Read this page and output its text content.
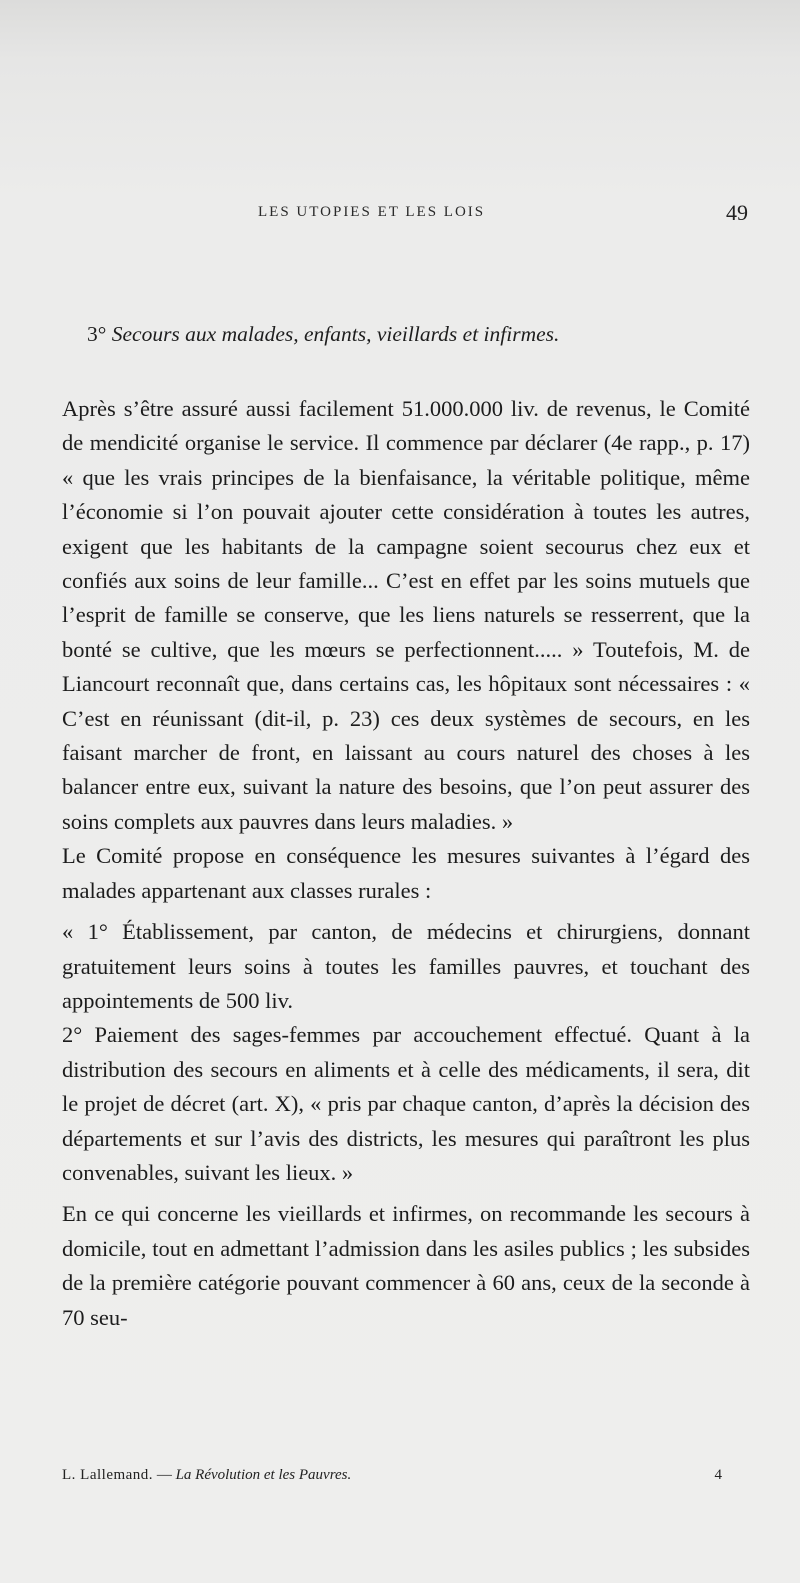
LES UTOPIES ET LES LOIS	49
3° Secours aux malades, enfants, vieillards et infirmes.

Après s’être assuré aussi facilement 51.000.000 liv. de revenus, le Comité de mendicité organise le service. Il commence par déclarer (4e rapp., p. 17) « que les vrais principes de la bienfaisance, la véritable politique, même l’économie si l’on pouvait ajouter cette considération à toutes les autres, exigent que les habitants de la campagne soient secourus chez eux et confiés aux soins de leur famille... C’est en effet par les soins mutuels que l’esprit de famille se conserve, que les liens naturels se resserrent, que la bonté se cultive, que les mœurs se perfectionnent..... » Toutefois, M. de Liancourt reconnaît que, dans certains cas, les hôpitaux sont nécessaires : « C’est en réunissant (dit-il, p. 23) ces deux systèmes de secours, en les faisant marcher de front, en laissant au cours naturel des choses à les balancer entre eux, suivant la nature des besoins, que l’on peut assurer des soins complets aux pauvres dans leurs maladies. »

Le Comité propose en conséquence les mesures suivantes à l’égard des malades appartenant aux classes rurales :

« 1° Établissement, par canton, de médecins et chirurgiens, donnant gratuitement leurs soins à toutes les familles pauvres, et touchant des appointements de 500 liv.

2° Paiement des sages-femmes par accouchement effectué. Quant à la distribution des secours en aliments et à celle des médicaments, il sera, dit le projet de décret (art. X), « pris par chaque canton, d’après la décision des départements et sur l’avis des districts, les mesures qui paraîtront les plus convenables, suivant les lieux. »

En ce qui concerne les vieillards et infirmes, on recommande les secours à domicile, tout en admettant l’admission dans les asiles publics ; les subsides de la première catégorie pouvant commencer à 60 ans, ceux de la seconde à 70 seu-

L. Lallemand. — La Révolution et les Pauvres.	4
